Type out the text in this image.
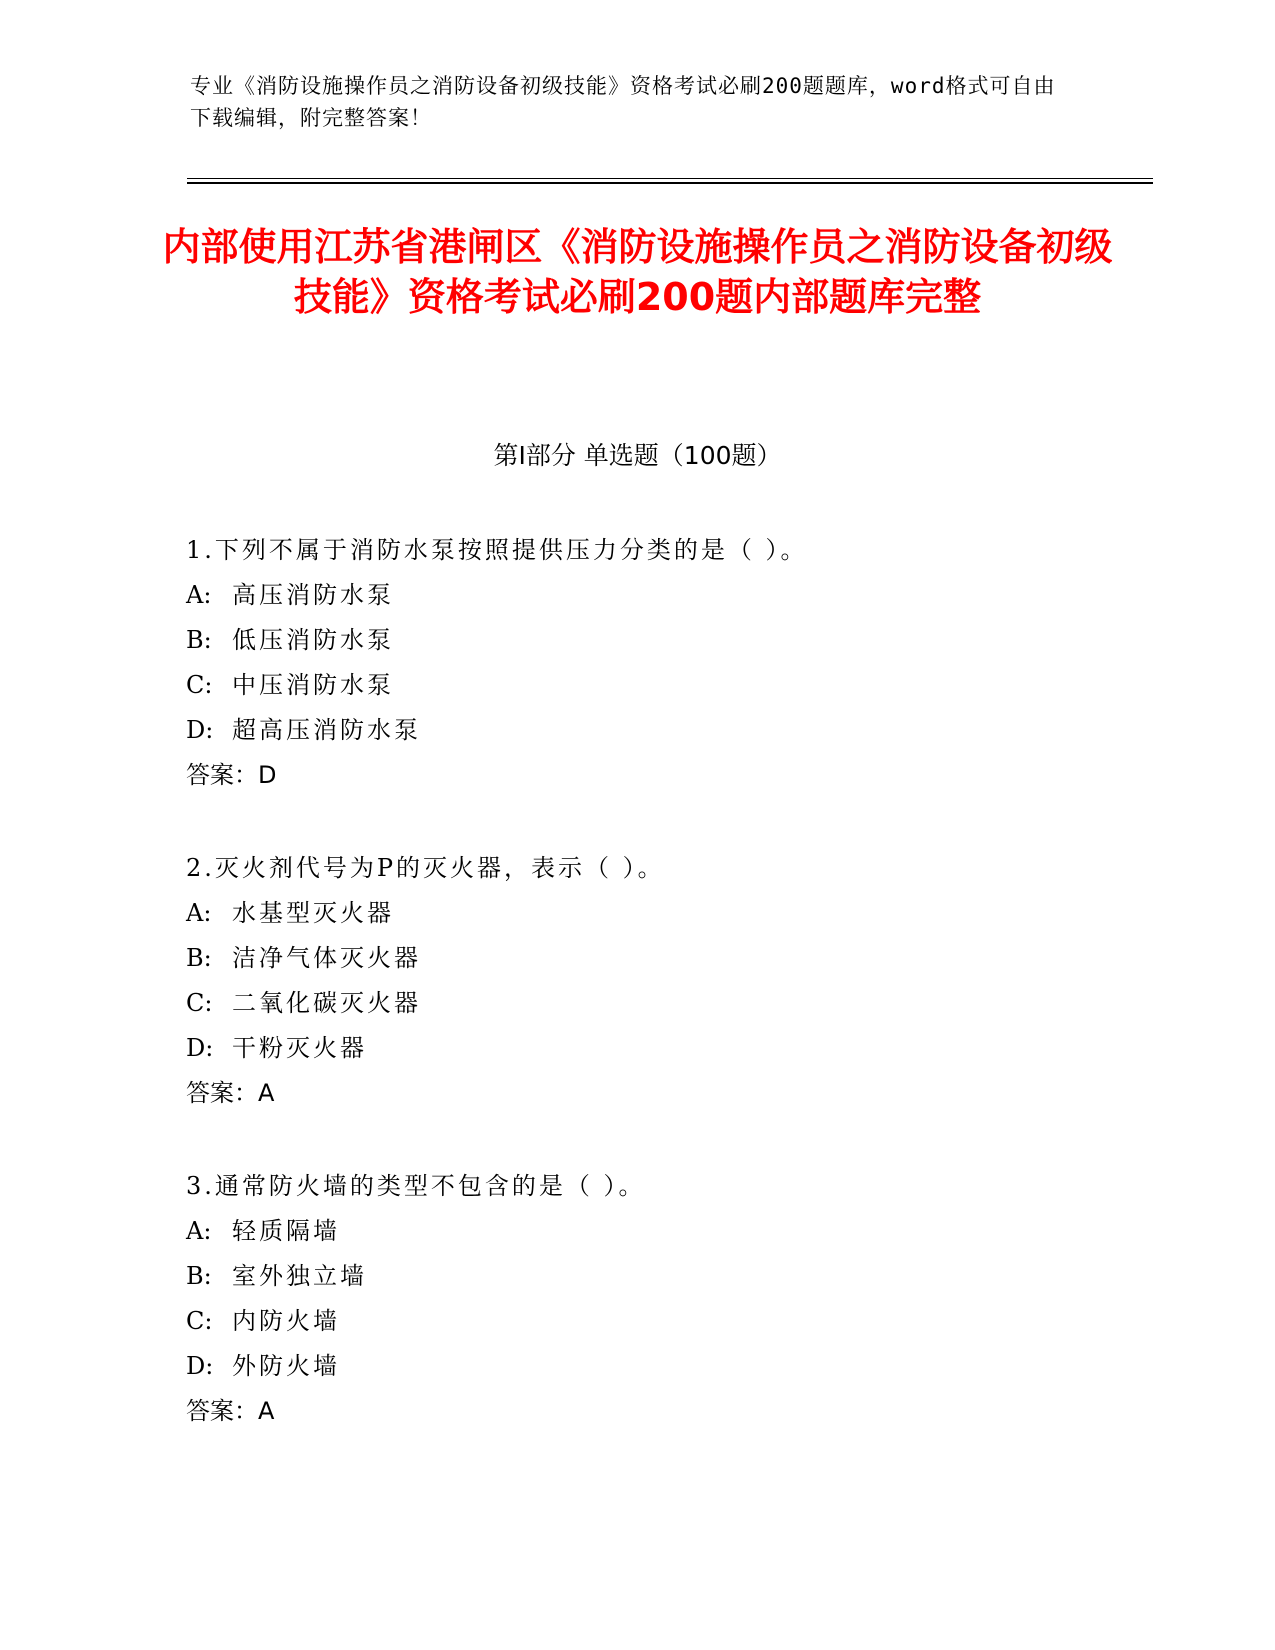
专业《消防设施操作员之消防设备初级技能》资格考试必刷200题题库，word格式可自由下载编辑，附完整答案！
内部使用江苏省港闸区《消防设施操作员之消防设备初级技能》资格考试必刷200题内部题库完整
第Ⅰ部分 单选题（100题）
1.下列不属于消防水泵按照提供压力分类的是（ ）。
A: 高压消防水泵
B: 低压消防水泵
C: 中压消防水泵
D: 超高压消防水泵
答案：D
2.灭火剂代号为P的灭火器，表示（ ）。
A: 水基型灭火器
B: 洁净气体灭火器
C: 二氧化碳灭火器
D: 干粉灭火器
答案：A
3.通常防火墙的类型不包含的是（ ）。
A: 轻质隔墙
B: 室外独立墙
C: 内防火墙
D: 外防火墙
答案：A
